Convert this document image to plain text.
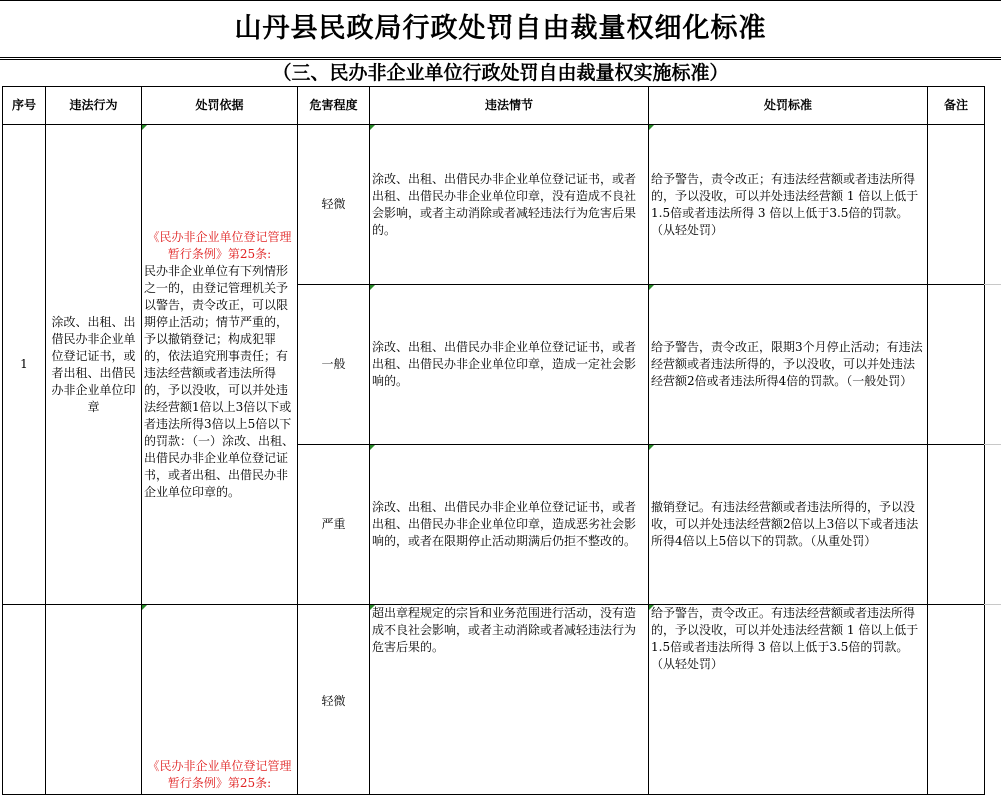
山丹县民政局行政处罚自由裁量权细化标准
（三、民办非企业单位行政处罚自由裁量权实施标准）
序号	违法行为	处罚依据	危害程度	违法情节	处罚标准	备注
1	涂改、出租、出借民办非企业单位登记证书，或者出租、出借民办非企业单位印章	《民办非企业单位登记管理暂行条例》第25条:
民办非企业单位有下列情形之一的，由登记管理机关予以警告，责令改正，可以限期停止活动；情节严重的，予以撤销登记；构成犯罪的，依法追究刑事责任；有违法经营额或者违法所得的，予以没收，可以并处违法经营额1倍以上3倍以下或者违法所得3倍以上5倍以下的罚款：（一）涂改、出租、出借民办非企业单位登记证书，或者出租、出借民办非企业单位印章的。	轻微	涂改、出租、出借民办非企业单位登记证书，或者出租、出借民办非企业单位印章，没有造成不良社会影响，或者主动消除或者减轻违法行为危害后果的。	给予警告，责令改正；有违法经营额或者违法所得的，予以没收，可以并处违法经营额 1 倍以上低于1.5倍或者违法所得 3 倍以上低于3.5倍的罚款。（从轻处罚）	
			一般	涂改、出租、出借民办非企业单位登记证书，或者出租、出借民办非企业单位印章，造成一定社会影响的。	给予警告，责令改正，限期3个月停止活动；有违法经营额或者违法所得的，予以没收，可以并处违法经营额2倍或者违法所得4倍的罚款。（一般处罚）	
			严重	涂改、出租、出借民办非企业单位登记证书，或者出租、出借民办非企业单位印章，造成恶劣社会影响的，或者在限期停止活动期满后仍拒不整改的。	撤销登记。有违法经营额或者违法所得的，予以没收，可以并处违法经营额2倍以上3倍以下或者违法所得4倍以上5倍以下的罚款。（从重处罚）	

		《民办非企业单位登记管理暂行条例》第25条:	轻微	超出章程规定的宗旨和业务范围进行活动，没有造成不良社会影响，或者主动消除或者减轻违法行为危害后果的。	给予警告，责令改正。有违法经营额或者违法所得的，予以没收，可以并处违法经营额 1 倍以上低于1.5倍或者违法所得 3 倍以上低于3.5倍的罚款。（从轻处罚）	
